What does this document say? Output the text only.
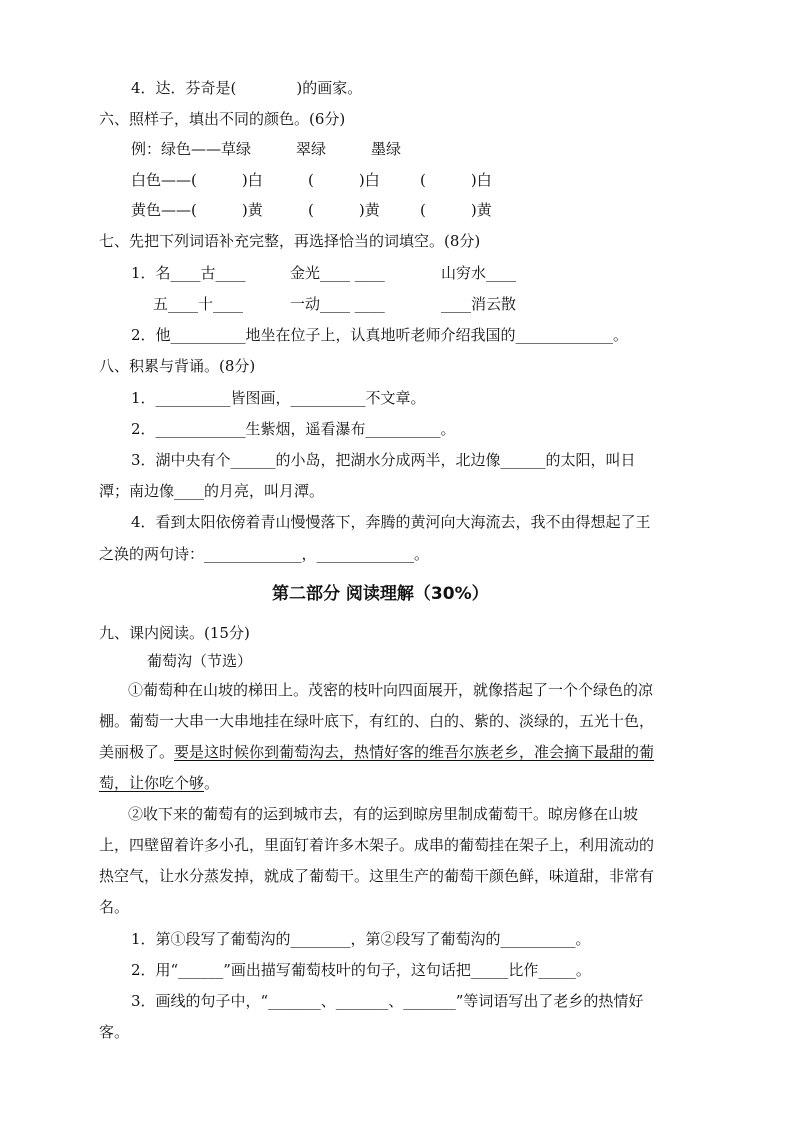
4．达．芬奇是(　　　　)的画家。
六、照样子，填出不同的颜色。(6分)
例：绿色——草绿　　　翠绿　　　墨绿
白色——(　　　)白	(　　　)白	(　　　)白
黄色——(　　　)黄	(　　　)黄	(　　　)黄
七、先把下列词语补充完整，再选择恰当的词填空。(8分)
1．名____古____	金光____ ____	山穷水____
五____十____	一动____ ____	____消云散
2．他__________地坐在位子上，认真地听老师介绍我国的_____________。
八、积累与背诵。(8分)
1．__________皆图画，__________不文章。
2．____________生紫烟，遥看瀑布__________。
3．湖中央有个______的小岛，把湖水分成两半，北边像______的太阳，叫日
潭；南边像____的月亮，叫月潭。
4．看到太阳依傍着青山慢慢落下，奔腾的黄河向大海流去，我不由得想起了王
之涣的两句诗：_____________，_____________。
第二部分 阅读理解（30%）
九、课内阅读。(15分)
葡萄沟（节选）
①葡萄种在山坡的梯田上。茂密的枝叶向四面展开，就像搭起了一个个绿色的凉
棚。葡萄一大串一大串地挂在绿叶底下，有红的、白的、紫的、淡绿的，五光十色，
美丽极了。要是这时候你到葡萄沟去，热情好客的维吾尔族老乡，准会摘下最甜的葡
萄，让你吃个够。
②收下来的葡萄有的运到城市去，有的运到晾房里制成葡萄干。晾房修在山坡
上，四壁留着许多小孔，里面钉着许多木架子。成串的葡萄挂在架子上，利用流动的
热空气，让水分蒸发掉，就成了葡萄干。这里生产的葡萄干颜色鲜，味道甜，非常有
名。
1．第①段写了葡萄沟的________，第②段写了葡萄沟的__________。
2．用“______”画出描写葡萄枝叶的句子，这句话把_____比作_____。
3．画线的句子中，“_______、_______、_______”等词语写出了老乡的热情好
客。
